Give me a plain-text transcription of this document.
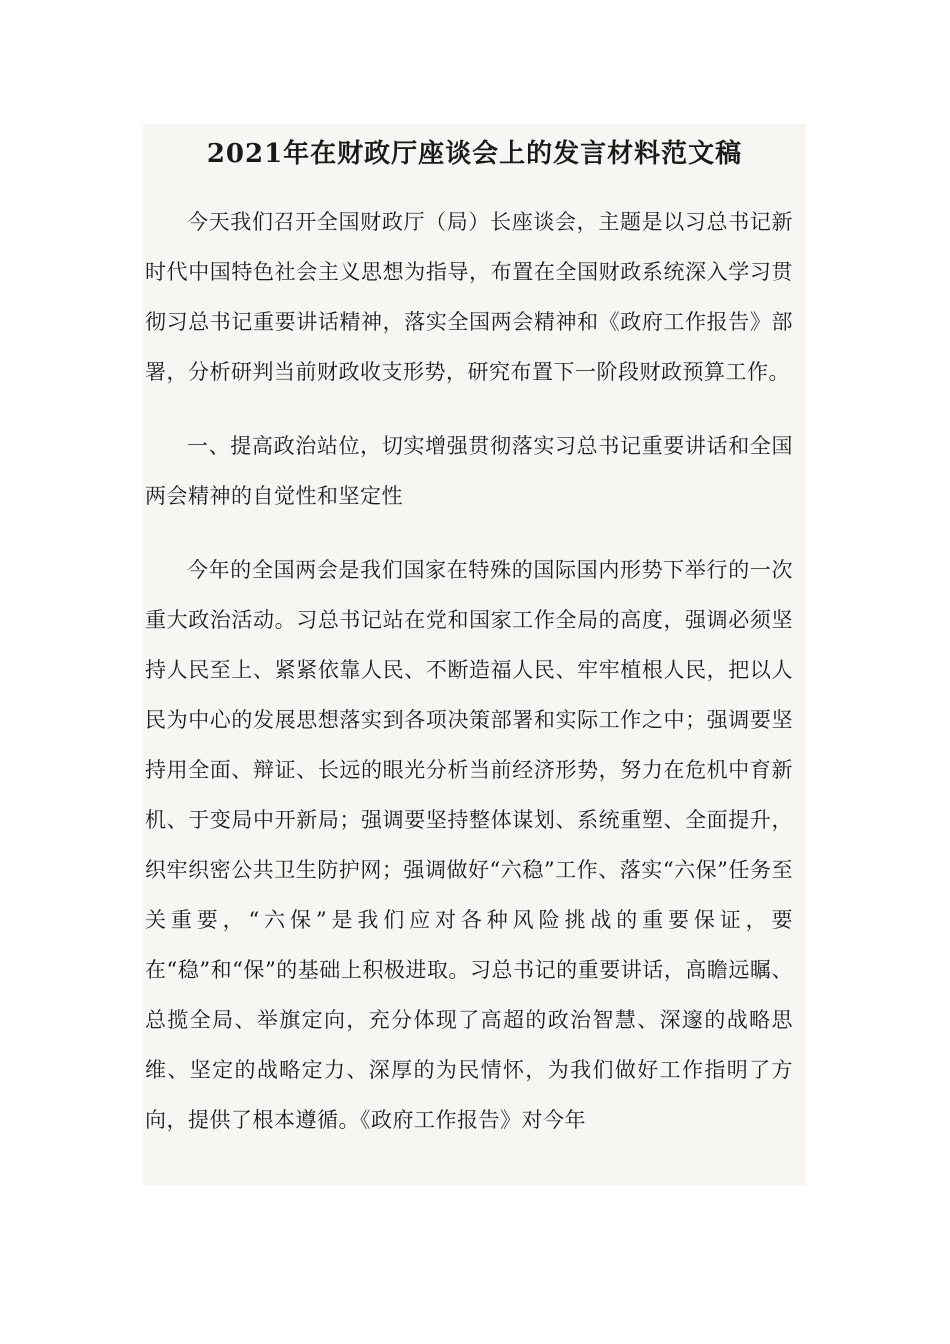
2021年在财政厅座谈会上的发言材料范文稿

今天我们召开全国财政厅（局）长座谈会，主题是以习总书记新时代中国特色社会主义思想为指导，布置在全国财政系统深入学习贯彻习总书记重要讲话精神，落实全国两会精神和《政府工作报告》部署，分析研判当前财政收支形势，研究布置下一阶段财政预算工作。

一、提高政治站位，切实增强贯彻落实习总书记重要讲话和全国两会精神的自觉性和坚定性

今年的全国两会是我们国家在特殊的国际国内形势下举行的一次重大政治活动。习总书记站在党和国家工作全局的高度，强调必须坚持人民至上、紧紧依靠人民、不断造福人民、牢牢植根人民，把以人民为中心的发展思想落实到各项决策部署和实际工作之中；强调要坚持用全面、辩证、长远的眼光分析当前经济形势，努力在危机中育新机、于变局中开新局；强调要坚持整体谋划、系统重塑、全面提升，织牢织密公共卫生防护网；强调做好“六稳”工作、落实“六保”任务至关重要，“六保”是我们应对各种风险挑战的重要保证，要在“稳”和“保”的基础上积极进取。习总书记的重要讲话，高瞻远瞩、总揽全局、举旗定向，充分体现了高超的政治智慧、深邃的战略思维、坚定的战略定力、深厚的为民情怀，为我们做好工作指明了方向，提供了根本遵循。《政府工作报告》对今年
